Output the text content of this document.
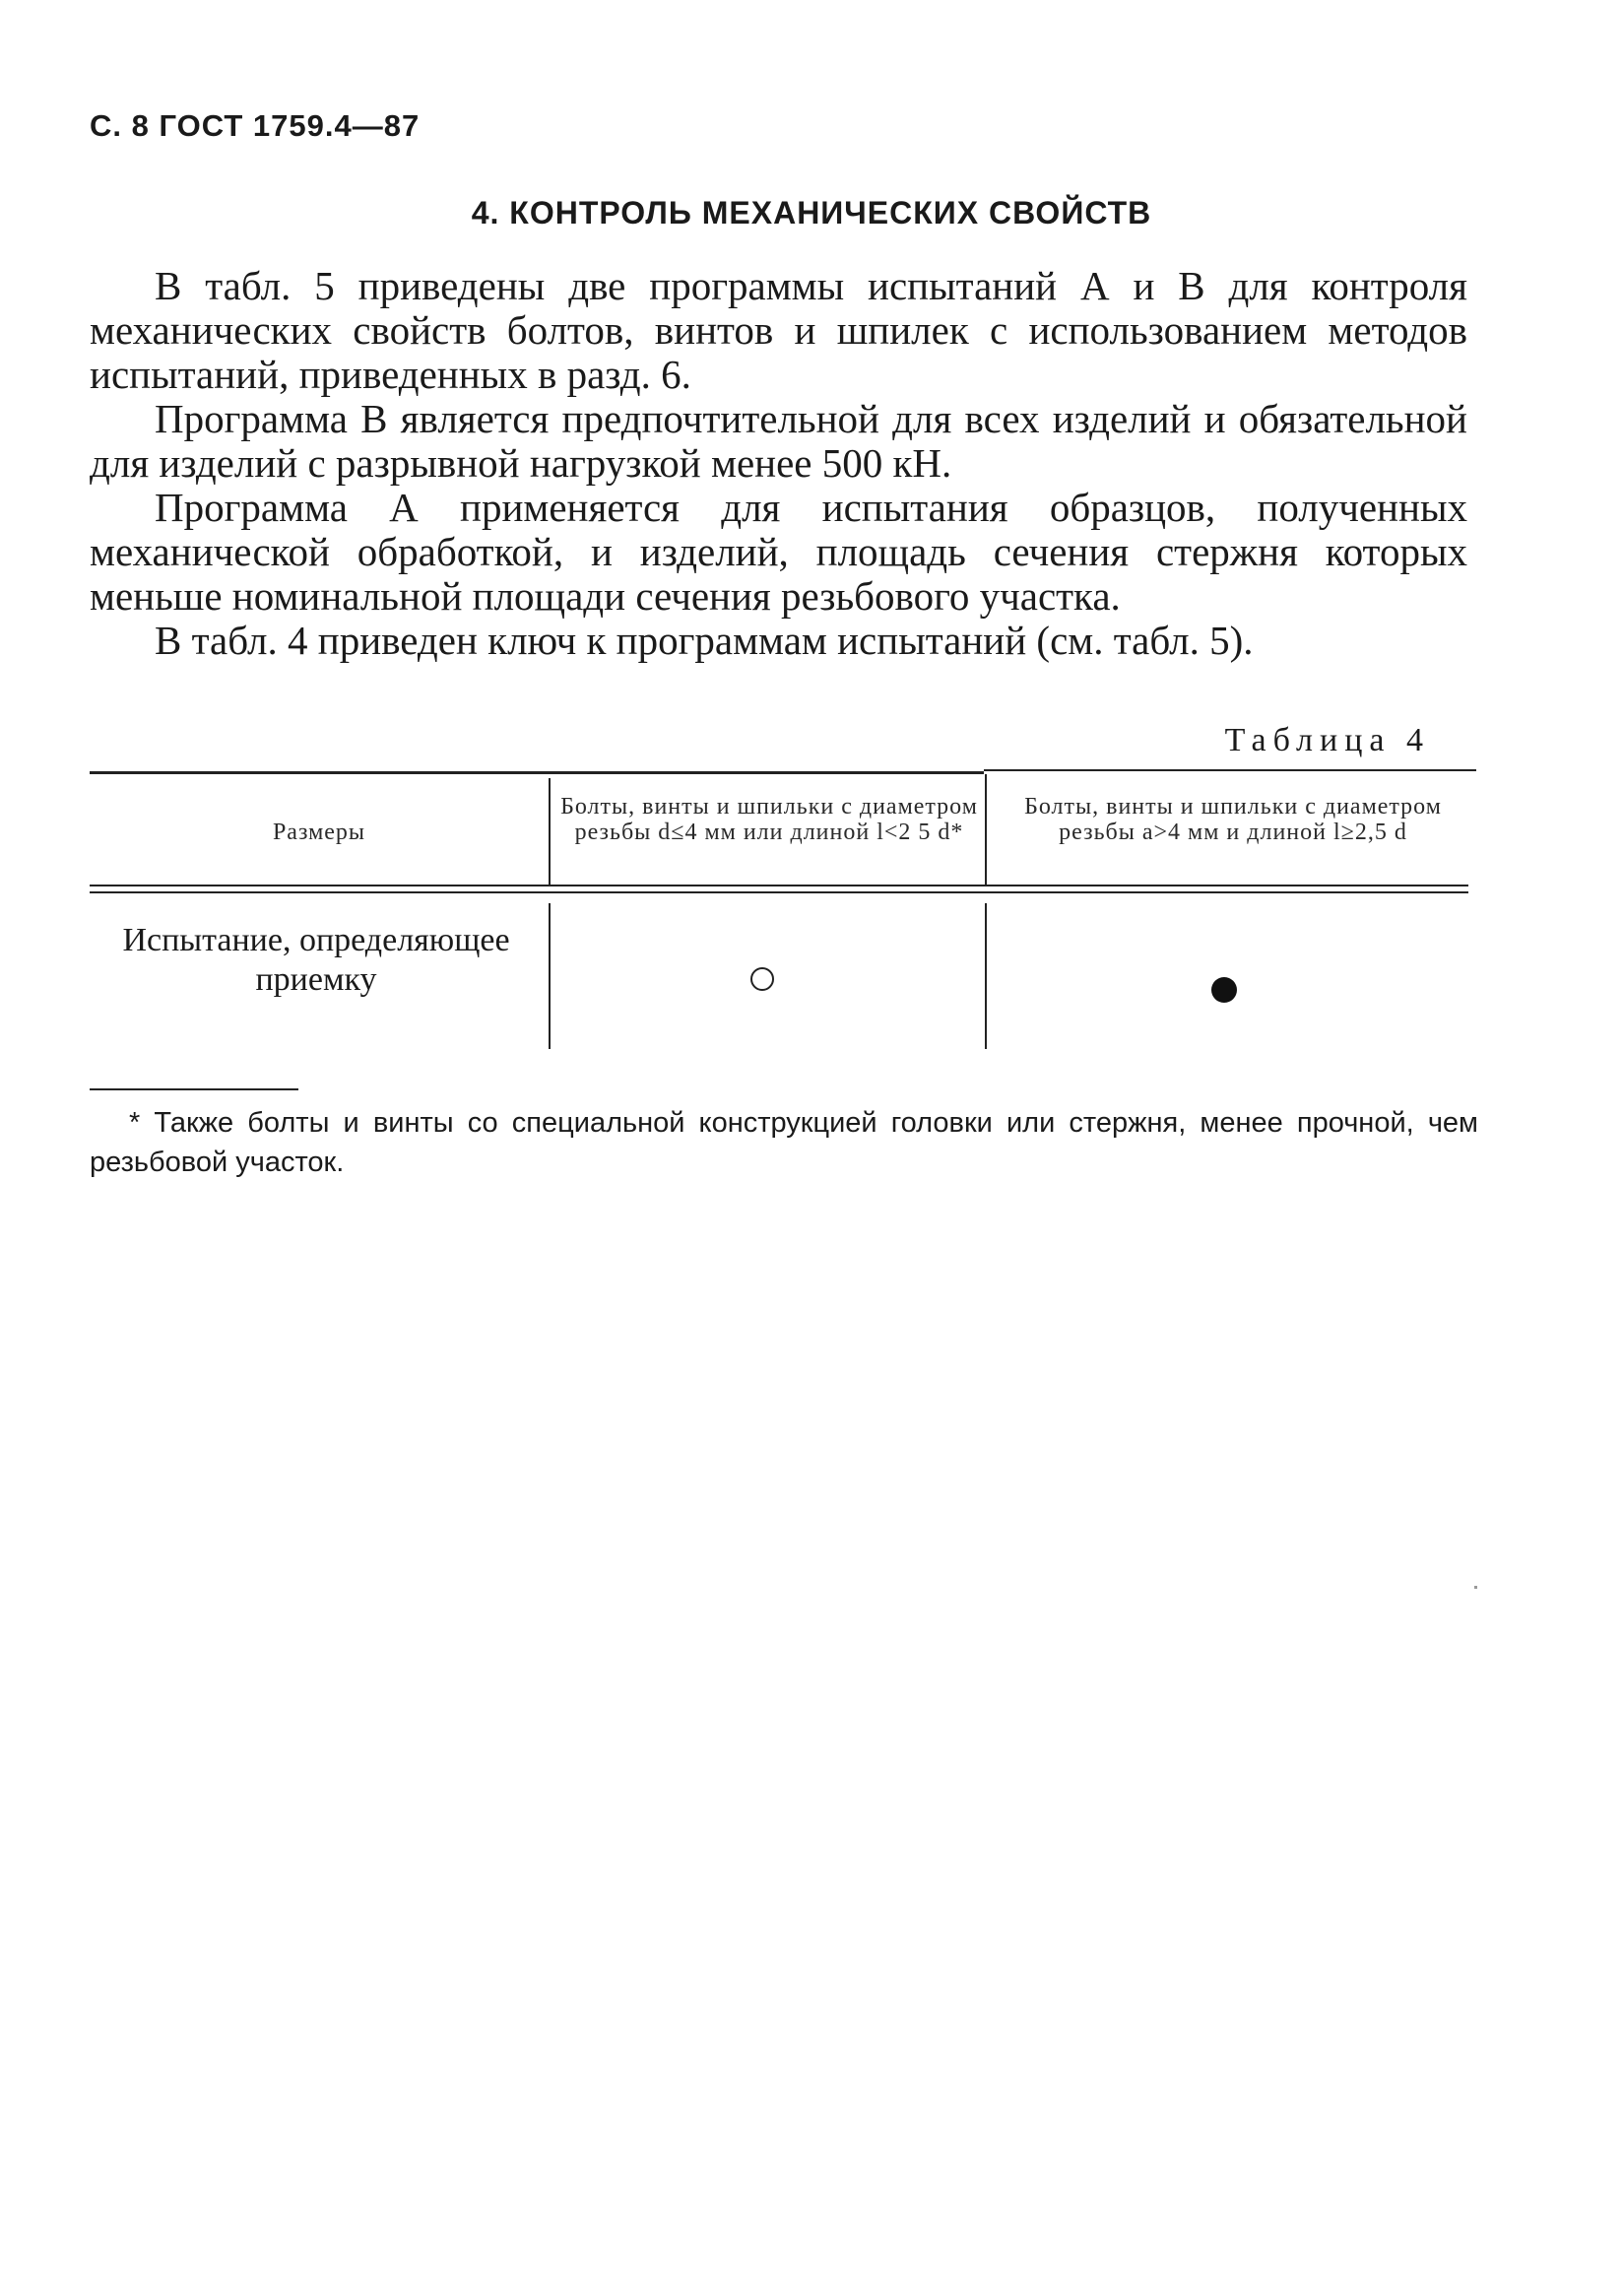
С. 8 ГОСТ 1759.4—87
4. КОНТРОЛЬ МЕХАНИЧЕСКИХ СВОЙСТВ

В табл. 5 приведены две программы испытаний А и В для контроля механических свойств болтов, винтов и шпилек с использованием методов испытаний, приведенных в разд. 6.

Программа В является предпочтительной для всех изделий и обязательной для изделий с разрывной нагрузкой менее 500 кН.

Программа А применяется для испытания образцов, полученных механической обработкой, и изделий, площадь сечения стержня которых меньше номинальной площади сечения резьбового участка.

В табл. 4 приведен ключ к программам испытаний (см. табл. 5).

Таблица 4
Размеры
Болты, винты и шпильки с диаметром резьбы d≤4 мм или длиной l<2 5 d*
Болты, винты и шпильки с диаметром резьбы a>4 мм и длиной l≥2,5 d
Испытание, определяющее приемку

* Также болты и винты со специальной конструкцией головки или стержня, менее прочной, чем резьбовой участок.
